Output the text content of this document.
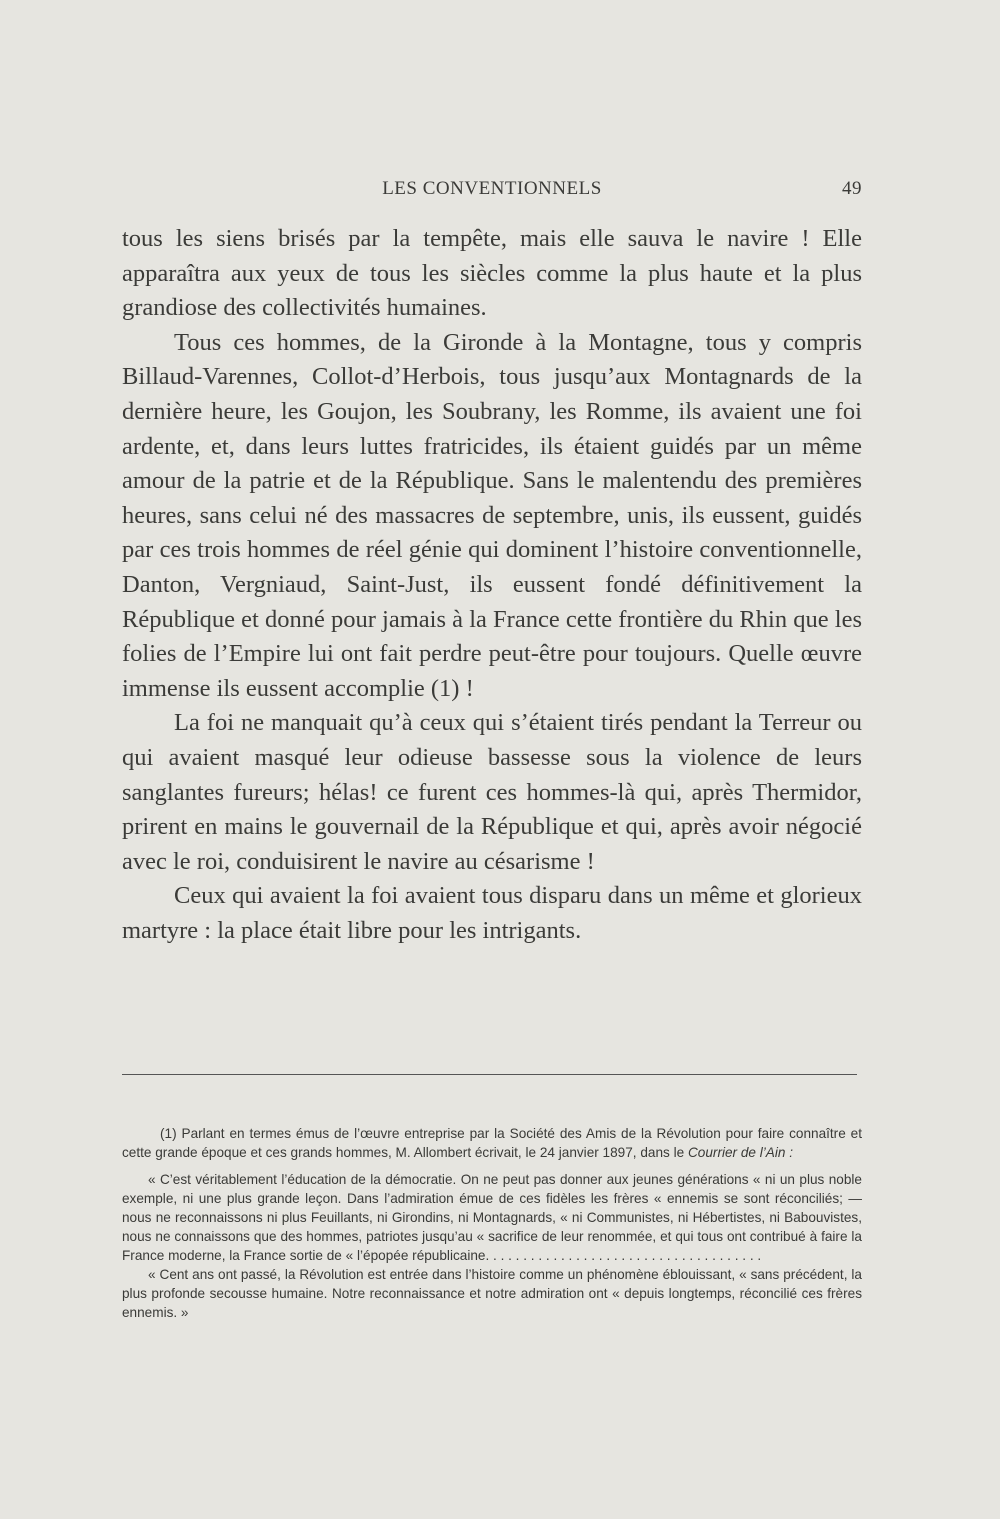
LES CONVENTIONNELS	49

tous les siens brisés par la tempête, mais elle sauva le navire ! Elle apparaîtra aux yeux de tous les siècles comme la plus haute et la plus grandiose des collectivités humaines.

Tous ces hommes, de la Gironde à la Montagne, tous y compris Billaud-Varennes, Collot-d’Herbois, tous jusqu’aux Montagnards de la dernière heure, les Goujon, les Soubrany, les Romme, ils avaient une foi ardente, et, dans leurs luttes fratricides, ils étaient guidés par un même amour de la patrie et de la République. Sans le malentendu des premières heures, sans celui né des massacres de septembre, unis, ils eussent, guidés par ces trois hommes de réel génie qui dominent l’histoire conventionnelle, Danton, Vergniaud, Saint-Just, ils eussent fondé définitivement la République et donné pour jamais à la France cette frontière du Rhin que les folies de l’Empire lui ont fait perdre peut-être pour toujours. Quelle œuvre immense ils eussent accomplie (1) !

La foi ne manquait qu’à ceux qui s’étaient tirés pendant la Terreur ou qui avaient masqué leur odieuse bassesse sous la violence de leurs sanglantes fureurs; hélas! ce furent ces hommes-là qui, après Thermidor, prirent en mains le gouvernail de la République et qui, après avoir négocié avec le roi, conduisirent le navire au césarisme !

Ceux qui avaient la foi avaient tous disparu dans un même et glorieux martyre : la place était libre pour les intrigants.

(1) Parlant en termes émus de l’œuvre entreprise par la Société des Amis de la Révolution pour faire connaître et cette grande époque et ces grands hommes, M. Allombert écrivait, le 24 janvier 1897, dans le Courrier de l’Ain :

« C’est véritablement l’éducation de la démocratie. On ne peut pas donner aux jeunes générations « ni un plus noble exemple, ni une plus grande leçon. Dans l’admiration émue de ces fidèles les frères « ennemis se sont réconciliés; — nous ne reconnaissons ni plus Feuillants, ni Girondins, ni Montagnards, « ni Communistes, ni Hébertistes, ni Babouvistes, nous ne connaissons que des hommes, patriotes jusqu’au « sacrifice de leur renommée, et qui tous ont contribué à faire la France moderne, la France sortie de « l’épopée républicaine. . . . . . . . . . . . . . . . . . . . . . . . . . . . . . . . . . . . .

« Cent ans ont passé, la Révolution est entrée dans l’histoire comme un phénomène éblouissant, « sans précédent, la plus profonde secousse humaine. Notre reconnaissance et notre admiration ont « depuis longtemps, réconcilié ces frères ennemis. »
